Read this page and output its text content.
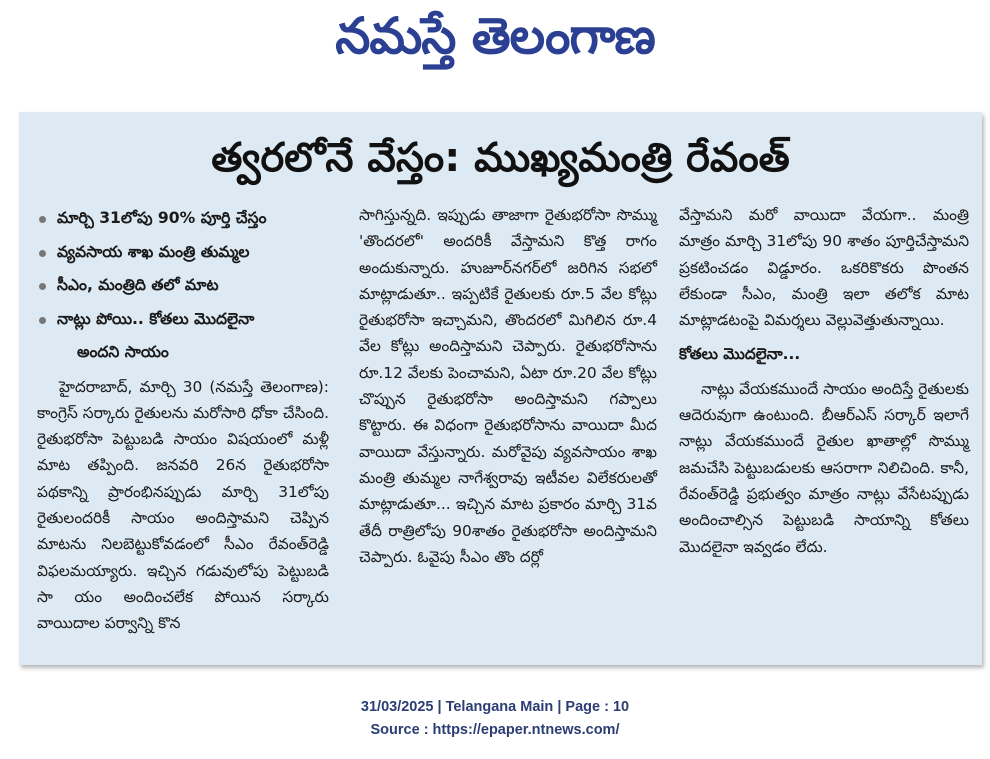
నమస్తే తెలంగాణ
త్వరలోనే వేస్తం: ముఖ్యమంత్రి రేవంత్
మార్చి 31లోపు 90% పూర్తి చేస్తం
వ్యవసాయ శాఖ మంత్రి తుమ్మల
సీఎం, మంత్రిది తలో మాట
నాట్లు పోయి.. కోతలు మొదలైనా
అందని సాయం

హైదరాబాద్, మార్చి 30 (నమస్తే తెలంగాణ): కాంగ్రెస్ సర్కారు రైతులను మరోసారి ధోకా చేసింది. రైతుభరోసా పెట్టుబడి సాయం విషయంలో మళ్లీ మాట తప్పింది. జనవరి 26న రైతుభరోసా పథకాన్ని ప్రారంభినప్పుడు మార్చి 31లోపు రైతులందరికీ సాయం అందిస్తామని చెప్పిన మాటను నిలబెట్టుకోవడంలో సీఎం రేవంత్‌రెడ్డి విఫలమయ్యారు. ఇచ్చిన గడువులోపు పెట్టుబడి సా యం అందించలేక పోయిన సర్కారు వాయిదాల పర్వాన్ని కొన

సాగిస్తున్నది. ఇప్పుడు తాజాగా రైతుభరోసా సొమ్ము 'తొందరలో' అందరికీ వేస్తామని కొత్త రాగం అందుకున్నారు. హుజూర్‌నగర్‌లో జరిగిన సభలో మాట్లాడుతూ.. ఇప్పటికే రైతులకు రూ.5 వేల కోట్లు రైతుభరోసా ఇచ్చామని, తొందరలో మిగిలిన రూ.4 వేల కోట్లు అందిస్తామని చెప్పారు. రైతుభరోసాను రూ.12 వేలకు పెంచామని, ఏటా రూ.20 వేల కోట్లు చొప్పున రైతుభరోసా అందిస్తామని గప్పాలు కొట్టారు. ఈ విధంగా రైతుభరోసాను వాయిదా మీద వాయిదా వేస్తున్నారు. మరోవైపు వ్యవసాయం శాఖ మంత్రి తుమ్మల నాగేశ్వరావు ఇటీవల విలేకరులతో మాట్లాడుతూ... ఇచ్చిన మాట ప్రకారం మార్చి 31వ తేదీ రాత్రిలోపు 90శాతం రైతుభరోసా అందిస్తామని చెప్పారు. ఓవైపు సీఎం తొం దర్లో

వేస్తామని మరో వాయిదా వేయగా.. మంత్రి మాత్రం మార్చి 31లోపు 90 శాతం పూర్తిచేస్తామని ప్రకటించడం విడ్డూరం. ఒకరికొకరు పొంతన లేకుండా సీఎం, మంత్రి ఇలా తలోక మాట మాట్లాడటంపై విమర్శలు వెల్లువెత్తుతున్నాయి.

కోతలు మొదలైనా...

నాట్లు వేయకముందే సాయం అందిస్తే రైతులకు ఆదెరువుగా ఉంటుంది. బీఆర్‌ఎస్ సర్కార్ ఇలాగే నాట్లు వేయకముందే రైతుల ఖాతాల్లో సొమ్ము జమచేసి పెట్టుబడులకు ఆసరాగా నిలిచింది. కానీ, రేవంత్‌రెడ్డి ప్రభుత్వం మాత్రం నాట్లు వేసేటప్పుడు అందించాల్సిన పెట్టుబడి సాయాన్ని కోతలు మొదలైనా ఇవ్వడం లేదు.

31/03/2025 | Telangana Main | Page : 10
Source : https://epaper.ntnews.com/
